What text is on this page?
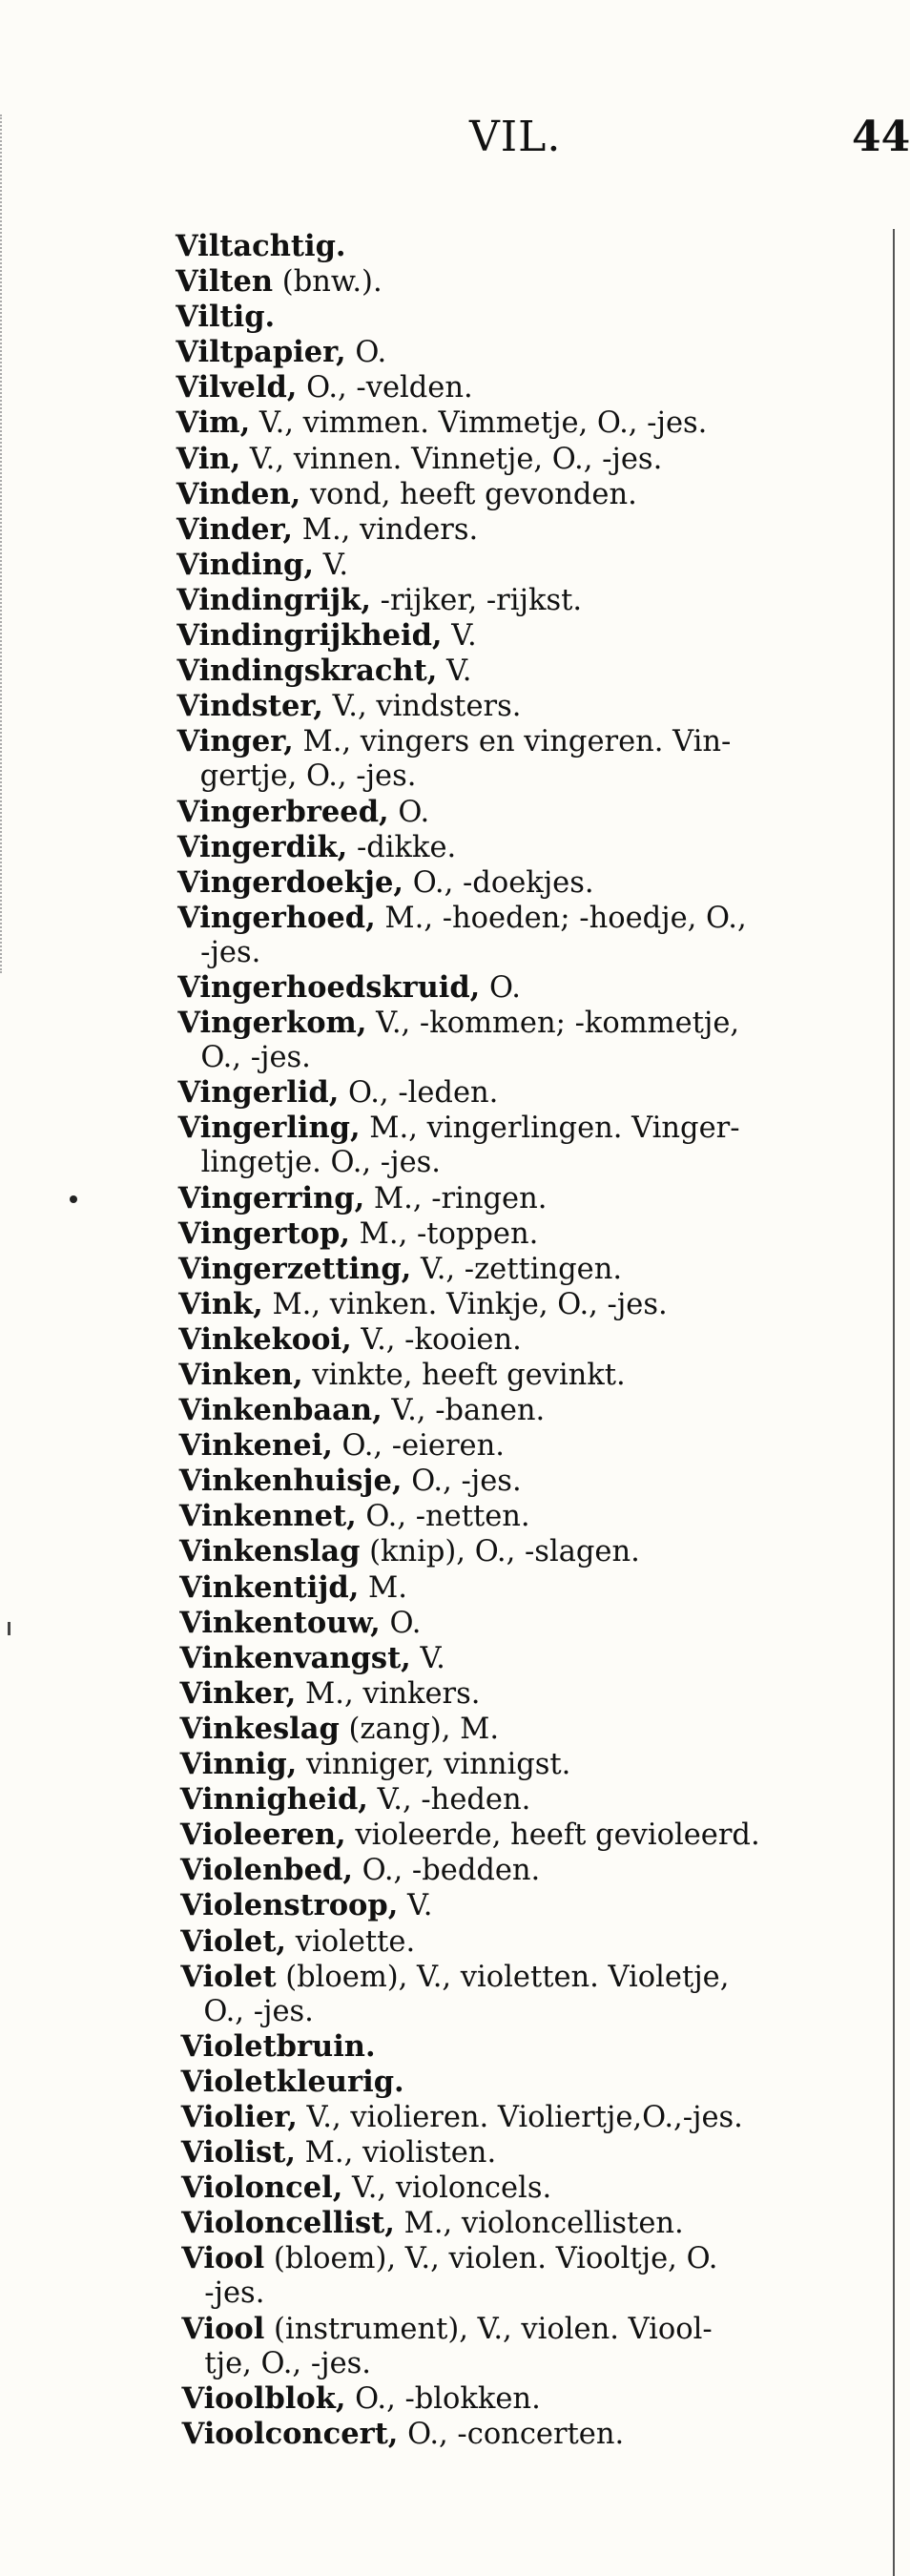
VIL.	44
Viltachtig.
Vilten (bnw.).
Viltig.
Viltpapier, O.
Vilveld, O., -velden.
Vim, V., vimmen. Vimmetje, O., -jes.
Vin, V., vinnen. Vinnetje, O., -jes.
Vinden, vond, heeft gevonden.
Vinder, M., vinders.
Vinding, V.
Vindingrijk, -rijker, -rijkst.
Vindingrijkheid, V.
Vindingskracht, V.
Vindster, V., vindsters.
Vinger, M., vingers en vingeren. Vin-
gertje, O., -jes.
Vingerbreed, O.
Vingerdik, -dikke.
Vingerdoekje, O., -doekjes.
Vingerhoed, M., -hoeden; -hoedje, O.,
-jes.
Vingerhoedskruid, O.
Vingerkom, V., -kommen; -kommetje,
O., -jes.
Vingerlid, O., -leden.
Vingerling, M., vingerlingen. Vinger-
lingetje. O., -jes.
Vingerring, M., -ringen.
Vingertop, M., -toppen.
Vingerzetting, V., -zettingen.
Vink, M., vinken. Vinkje, O., -jes.
Vinkekooi, V., -kooien.
Vinken, vinkte, heeft gevinkt.
Vinkenbaan, V., -banen.
Vinkenei, O., -eieren.
Vinkenhuisje, O., -jes.
Vinkennet, O., -netten.
Vinkenslag (knip), O., -slagen.
Vinkentijd, M.
Vinkentouw, O.
Vinkenvangst, V.
Vinker, M., vinkers.
Vinkeslag (zang), M.
Vinnig, vinniger, vinnigst.
Vinnigheid, V., -heden.
Violeeren, violeerde, heeft gevioleerd.
Violenbed, O., -bedden.
Violenstroop, V.
Violet, violette.
Violet (bloem), V., violetten. Violetje,
O., -jes.
Violetbruin.
Violetkleurig.
Violier, V., violieren. Violiertje,O.,-jes.
Violist, M., violisten.
Violoncel, V., violoncels.
Violoncellist, M., violoncellisten.
Viool (bloem), V., violen. Viooltje, O.
-jes.
Viool (instrument), V., violen. Viool-
tje, O., -jes.
Vioolblok, O., -blokken.
Vioolconcert, O., -concerten.
